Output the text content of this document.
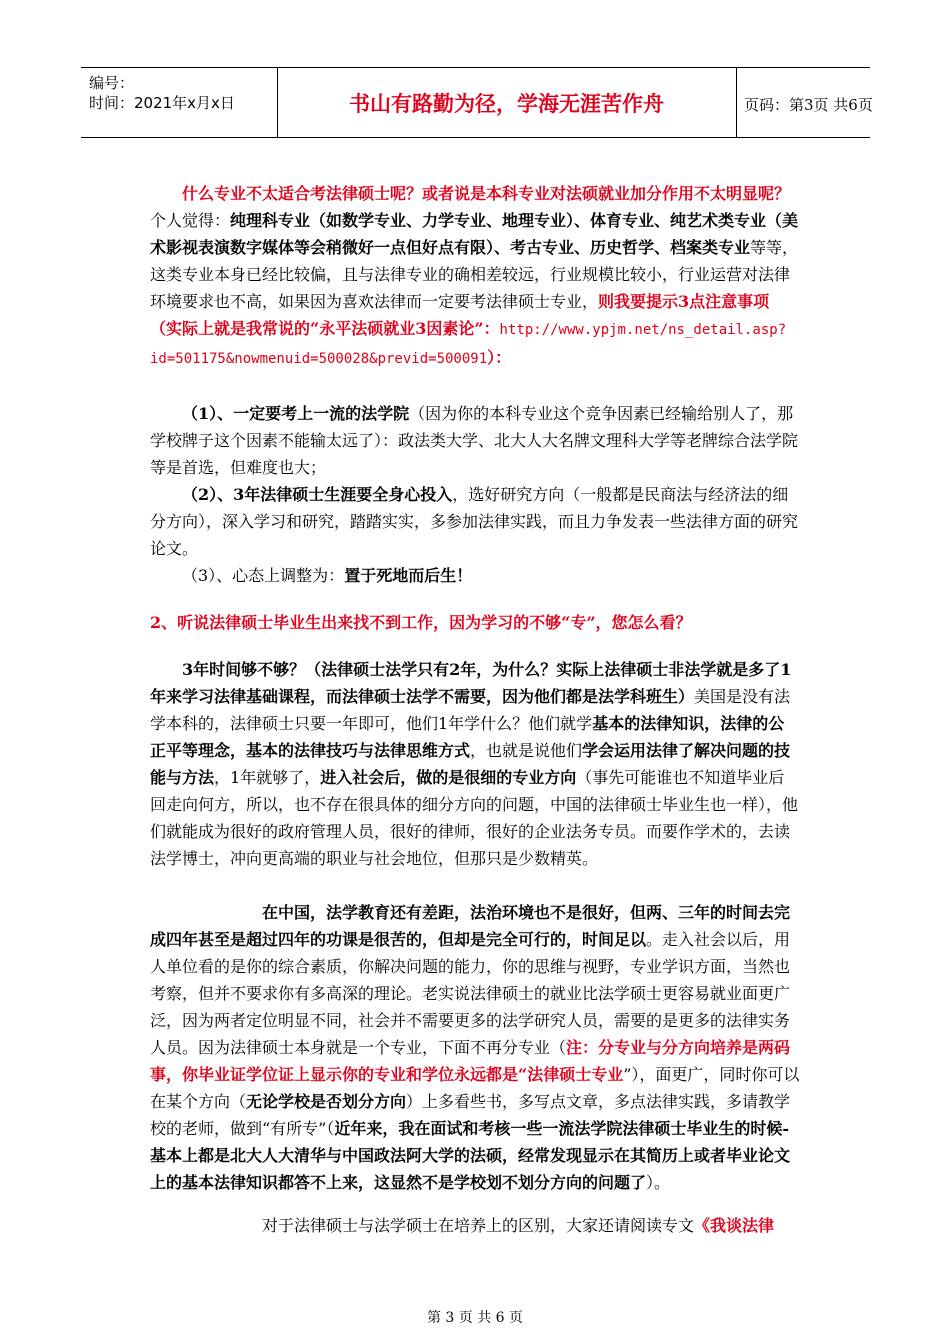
编号：
时间：2021年x月x日	书山有路勤为径，学海无涯苦作舟	页码：第3页 共6页

什么专业不太适合考法律硕士呢？或者说是本科专业对法硕就业加分作用不太明显呢？个人觉得：纯理科专业（如数学专业、力学专业、地理专业）、体育专业、纯艺术类专业（美术影视表演数字媒体等会稍微好一点但好点有限）、考古专业、历史哲学、档案类专业等等，这类专业本身已经比较偏，且与法律专业的确相差较远，行业规模比较小，行业运营对法律环境要求也不高，如果因为喜欢法律而一定要考法律硕士专业，则我要提示3点注意事项（实际上就是我常说的“永平法硕就业3因素论”：http://www.ypjm.net/ns_detail.asp?id=501175&nowmenuid=500028&previd=500091）：

（1）、一定要考上一流的法学院（因为你的本科专业这个竞争因素已经输给别人了，那学校牌子这个因素不能输太远了）：政法类大学、北大人大名牌文理科大学等老牌综合法学院等是首选，但难度也大；

（2）、3年法律硕士生涯要全身心投入，选好研究方向（一般都是民商法与经济法的细分方向），深入学习和研究，踏踏实实，多参加法律实践，而且力争发表一些法律方面的研究论文。

（3）、心态上调整为：置于死地而后生！

2、听说法律硕士毕业生出来找不到工作，因为学习的不够“专”，您怎么看？

3年时间够不够？（法律硕士法学只有2年，为什么？实际上法律硕士非法学就是多了1年来学习法律基础课程，而法律硕士法学不需要，因为他们都是法学科班生）美国是没有法学本科的，法律硕士只要一年即可，他们1年学什么？他们就学基本的法律知识，法律的公正平等理念，基本的法律技巧与法律思维方式，也就是说他们学会运用法律了解决问题的技能与方法，1年就够了，进入社会后，做的是很细的专业方向（事先可能谁也不知道毕业后回走向何方，所以，也不存在很具体的细分方向的问题，中国的法律硕士毕业生也一样），他们就能成为很好的政府管理人员，很好的律师，很好的企业法务专员。而要作学术的，去读法学博士，冲向更高端的职业与社会地位，但那只是少数精英。

在中国，法学教育还有差距，法治环境也不是很好，但两、三年的时间去完成四年甚至是超过四年的功课是很苦的，但却是完全可行的，时间足以。走入社会以后，用人单位看的是你的综合素质，你解决问题的能力，你的思维与视野，专业学识方面，当然也考察，但并不要求你有多高深的理论。老实说法律硕士的就业比法学硕士更容易就业面更广泛，因为两者定位明显不同，社会并不需要更多的法学研究人员，需要的是更多的法律实务人员。因为法律硕士本身就是一个专业，下面不再分专业（注：分专业与分方向培养是两码事，你毕业证学位证上显示你的专业和学位永远都是“法律硕士专业”），面更广，同时你可以在某个方向（无论学校是否划分方向）上多看些书，多写点文章，多点法律实践，多请教学校的老师，做到“有所专”（近年来，我在面试和考核一些一流法学院法律硕士毕业生的时候-基本上都是北大人大清华与中国政法阿大学的法硕，经常发现显示在其简历上或者毕业论文上的基本法律知识都答不上来，这显然不是学校划不划分方向的问题了）。

对于法律硕士与法学硕士在培养上的区别，大家还请阅读专文《我谈法律

第 3 页 共 6 页
